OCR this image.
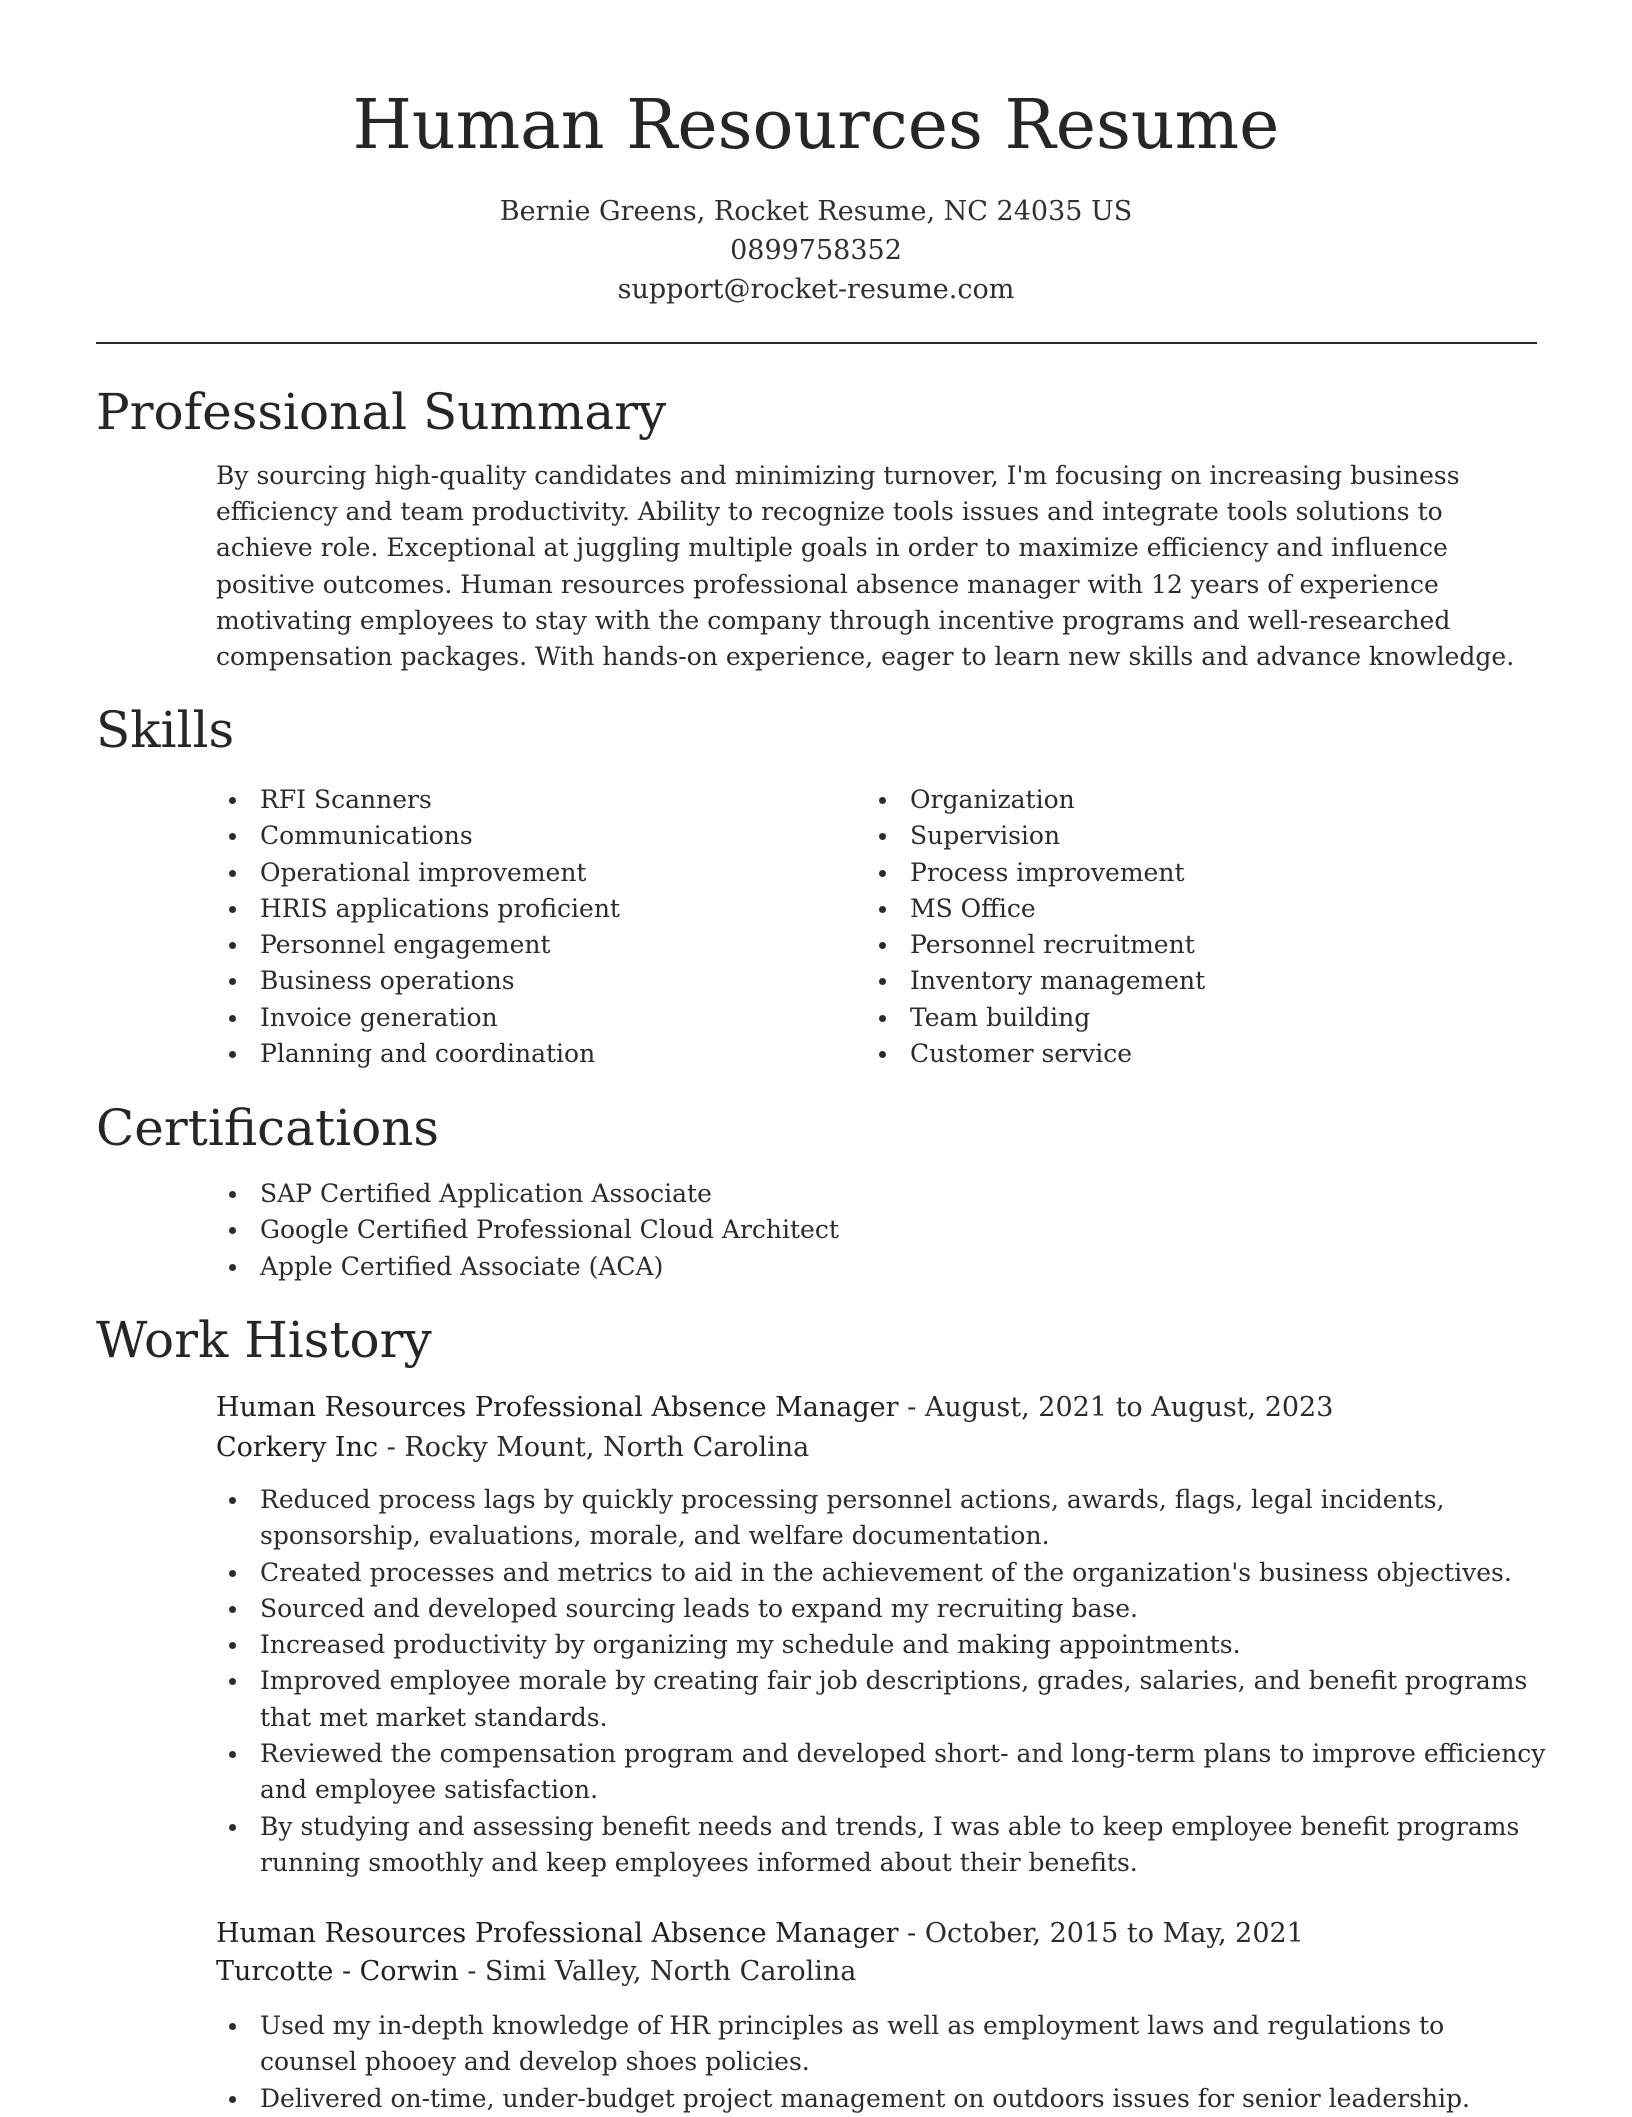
Human Resources Resume
Bernie Greens, Rocket Resume, NC 24035 US
0899758352
support@rocket-resume.com
Professional Summary

By sourcing high-quality candidates and minimizing turnover, I'm focusing on increasing business efficiency and team productivity. Ability to recognize tools issues and integrate tools solutions to achieve role. Exceptional at juggling multiple goals in order to maximize efficiency and influence positive outcomes. Human resources professional absence manager with 12 years of experience motivating employees to stay with the company through incentive programs and well-researched compensation packages. With hands-on experience, eager to learn new skills and advance knowledge.

Skills
RFI Scanners
Communications
Operational improvement
HRIS applications proficient
Personnel engagement
Business operations
Invoice generation
Planning and coordination
Organization
Supervision
Process improvement
MS Office
Personnel recruitment
Inventory management
Team building
Customer service
Certifications
SAP Certified Application Associate
Google Certified Professional Cloud Architect
Apple Certified Associate (ACA)
Work History
Human Resources Professional Absence Manager - August, 2021 to August, 2023
Corkery Inc - Rocky Mount, North Carolina
Reduced process lags by quickly processing personnel actions, awards, flags, legal incidents, sponsorship, evaluations, morale, and welfare documentation.
Created processes and metrics to aid in the achievement of the organization's business objectives.
Sourced and developed sourcing leads to expand my recruiting base.
Increased productivity by organizing my schedule and making appointments.
Improved employee morale by creating fair job descriptions, grades, salaries, and benefit programs that met market standards.
Reviewed the compensation program and developed short- and long-term plans to improve efficiency and employee satisfaction.
By studying and assessing benefit needs and trends, I was able to keep employee benefit programs running smoothly and keep employees informed about their benefits.
Human Resources Professional Absence Manager - October, 2015 to May, 2021
Turcotte - Corwin - Simi Valley, North Carolina
Used my in-depth knowledge of HR principles as well as employment laws and regulations to counsel phooey and develop shoes policies.
Delivered on-time, under-budget project management on outdoors issues for senior leadership.
